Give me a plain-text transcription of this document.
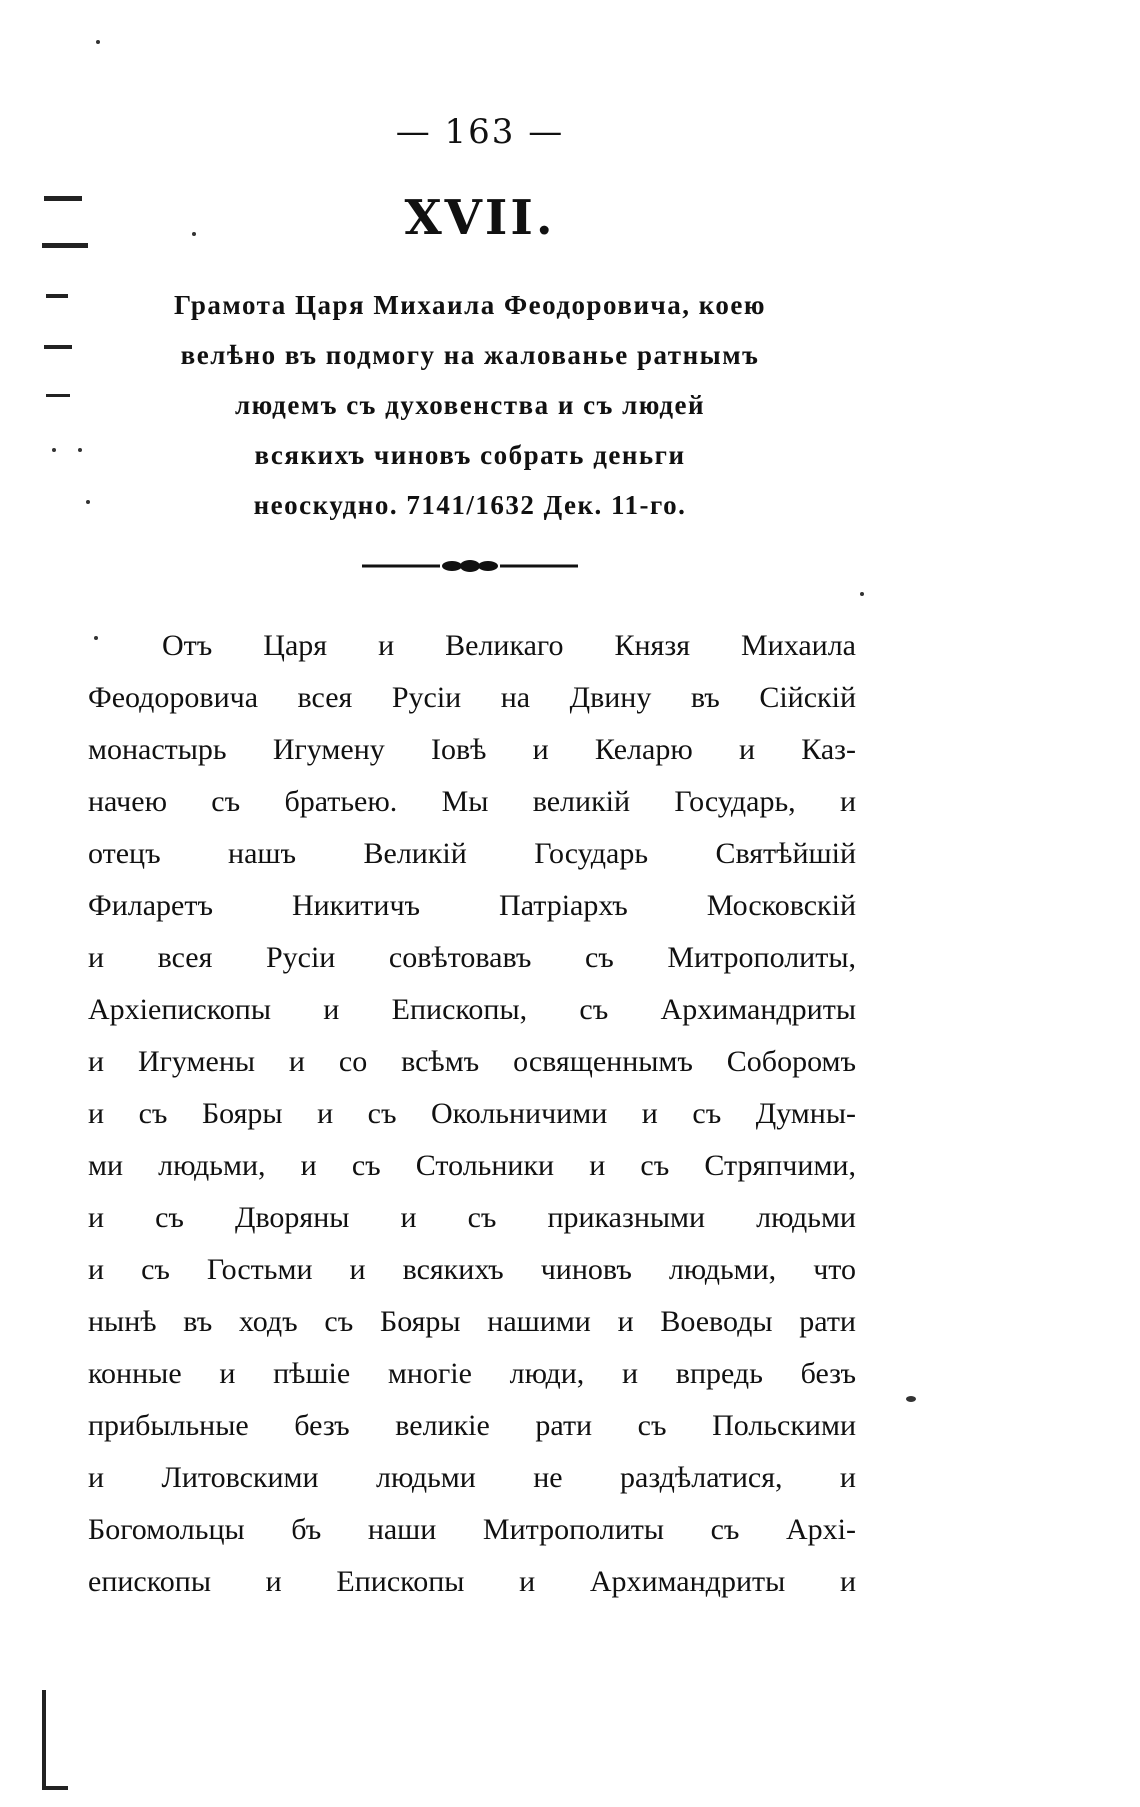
— 163 —
XVII.
Грамота Царя Михаила Феодоровича, коею
велѣно въ подмогу на жалованье ратнымъ
людемъ съ духовенства и съ людей
всякихъ чиновъ собрать деньги
неоскудно. 7141/1632 Дек. 11-го.
Отъ Царя и Великаго Князя Михаила
Феодоровича всея Русіи на Двину въ Сійскій
монастырь Игумену Іовѣ и Келарю и Каз-
начею съ братьею. Мы великій Государь, и
отецъ нашъ Великій Государь Святѣйшій
Филаретъ Никитичъ Патріархъ Московскій
и всея Русіи совѣтовавъ съ Митрополиты,
Архіепископы и Епископы, съ Архимандриты
и Игумены и со всѣмъ освященнымъ Соборомъ
и съ Бояры и съ Окольничими и съ Думны-
ми людьми, и съ Стольники и съ Стряпчими,
и съ Дворяны и съ приказными людьми
и съ Гостьми и всякихъ чиновъ людьми, что
нынѣ въ ходъ съ Бояры нашими и Воеводы рати
конные и пѣшіе многіе люди, и впредь безъ
прибыльные безъ великіе рати съ Польскими
и Литовскими людьми не раздѣлатися, и
Богомольцы бъ наши Митрополиты съ Архі-
епископы и Епископы и Архимандриты и
